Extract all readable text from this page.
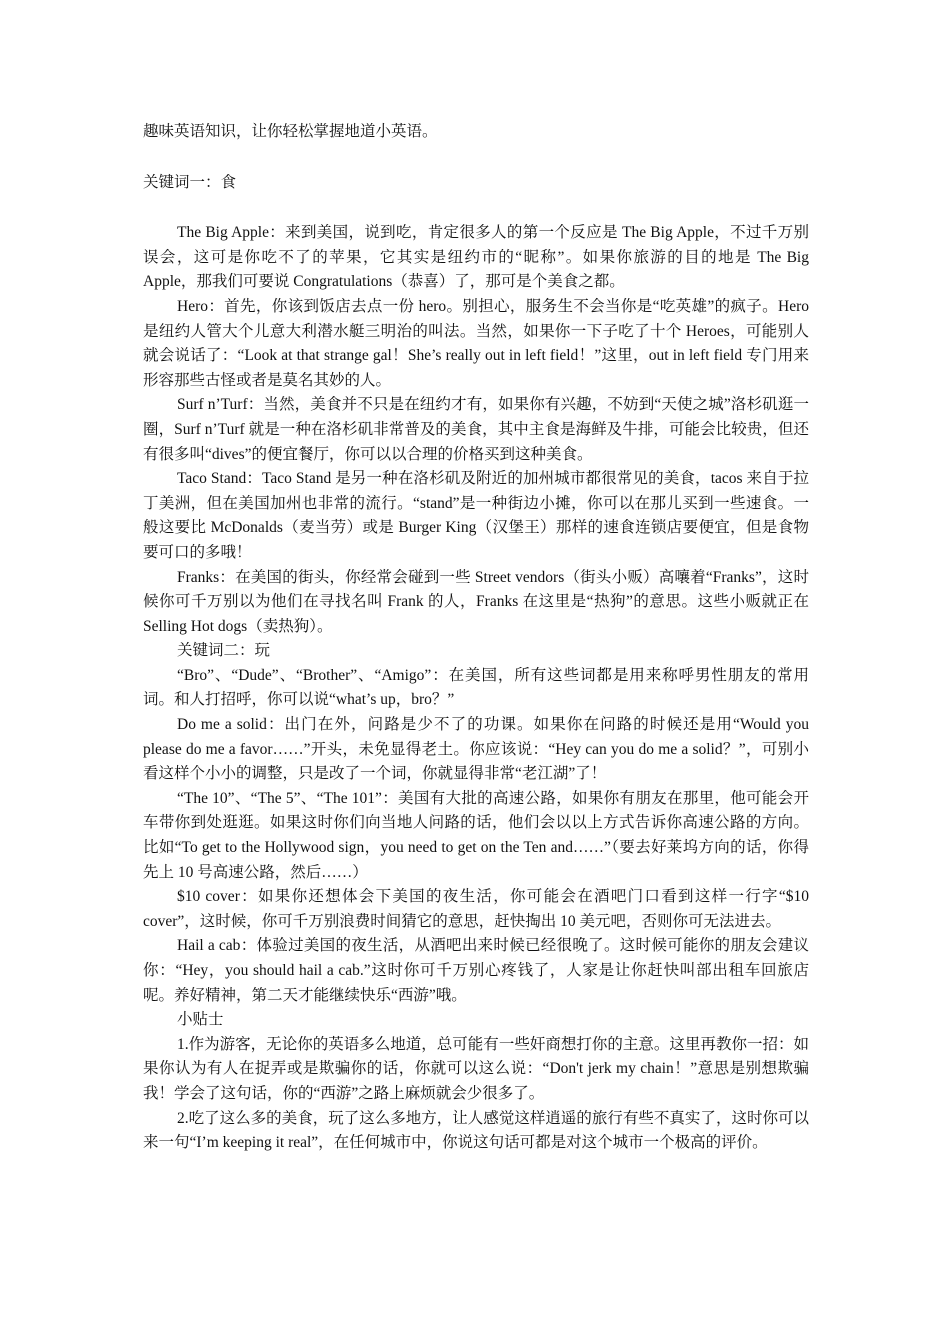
趣味英语知识，让你轻松掌握地道小英语。

关键词一：食

The Big Apple：来到美国，说到吃，肯定很多人的第一个反应是 The Big Apple，不过千万别误会，这可是你吃不了的苹果，它其实是纽约市的“昵称”。如果你旅游的目的地是 The Big Apple，那我们可要说 Congratulations（恭喜）了，那可是个美食之都。

Hero：首先，你该到饭店去点一份 hero。别担心，服务生不会当你是“吃英雄”的疯子。Hero 是纽约人管大个儿意大利潜水艇三明治的叫法。当然，如果你一下子吃了十个 Heroes，可能别人就会说话了：“Look at that strange gal！She’s really out in left field！”这里，out in left field 专门用来形容那些古怪或者是莫名其妙的人。

Surf n’Turf：当然，美食并不只是在纽约才有，如果你有兴趣，不妨到“天使之城”洛杉矶逛一圈，Surf n’Turf 就是一种在洛杉矶非常普及的美食，其中主食是海鲜及牛排，可能会比较贵，但还有很多叫“dives”的便宜餐厅，你可以以合理的价格买到这种美食。

Taco Stand：Taco Stand 是另一种在洛杉矶及附近的加州城市都很常见的美食，tacos 来自于拉丁美洲，但在美国加州也非常的流行。“stand”是一种街边小摊，你可以在那儿买到一些速食。一般这要比 McDonalds（麦当劳）或是 Burger King（汉堡王）那样的速食连锁店要便宜，但是食物要可口的多哦！

Franks：在美国的街头，你经常会碰到一些 Street vendors（街头小贩）高嚷着“Franks”，这时候你可千万别以为他们在寻找名叫 Frank 的人，Franks 在这里是“热狗”的意思。这些小贩就正在 Selling Hot dogs（卖热狗）。

关键词二：玩

“Bro”、“Dude”、“Brother”、“Amigo”：在美国，所有这些词都是用来称呼男性朋友的常用词。和人打招呼，你可以说“what’s up，bro？”

Do me a solid：出门在外，问路是少不了的功课。如果你在问路的时候还是用“Would you please do me a favor……”开头，未免显得老土。你应该说：“Hey can you do me a solid？”，可别小看这样个小小的调整，只是改了一个词，你就显得非常“老江湖”了！

“The 10”、“The 5”、“The 101”：美国有大批的高速公路，如果你有朋友在那里，他可能会开车带你到处逛逛。如果这时你们向当地人问路的话，他们会以以上方式告诉你高速公路的方向。比如“To get to the Hollywood sign，you need to get on the Ten and……”（要去好莱坞方向的话，你得先上 10 号高速公路，然后……）

$10 cover：如果你还想体会下美国的夜生活，你可能会在酒吧门口看到这样一行字“$10 cover”，这时候，你可千万别浪费时间猜它的意思，赶快掏出 10 美元吧，否则你可无法进去。

Hail a cab：体验过美国的夜生活，从酒吧出来时候已经很晚了。这时候可能你的朋友会建议你：“Hey，you should hail a cab.”这时你可千万别心疼钱了，人家是让你赶快叫部出租车回旅店呢。养好精神，第二天才能继续快乐“西游”哦。

小贴士

1.作为游客，无论你的英语多么地道，总可能有一些奸商想打你的主意。这里再教你一招：如果你认为有人在捉弄或是欺骗你的话，你就可以这么说：“Don't jerk my chain！”意思是别想欺骗我！学会了这句话，你的“西游”之路上麻烦就会少很多了。

2.吃了这么多的美食，玩了这么多地方，让人感觉这样逍遥的旅行有些不真实了，这时你可以来一句“I’m keeping it real”，在任何城市中，你说这句话可都是对这个城市一个极高的评价。
